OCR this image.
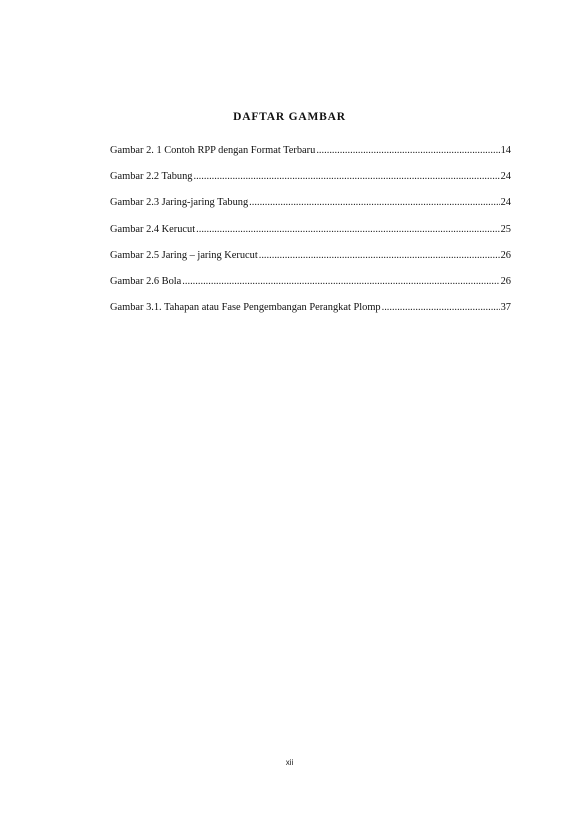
DAFTAR GAMBAR
Gambar 2. 1 Contoh RPP dengan Format Terbaru .....	14
Gambar 2.2 Tabung .....	24
Gambar 2.3 Jaring-jaring Tabung .....	24
Gambar 2.4 Kerucut .....	25
Gambar 2.5 Jaring – jaring Kerucut .....	26
Gambar 2.6 Bola .....	26
Gambar 3.1. Tahapan atau Fase Pengembangan Perangkat Plomp .....	37
xii
